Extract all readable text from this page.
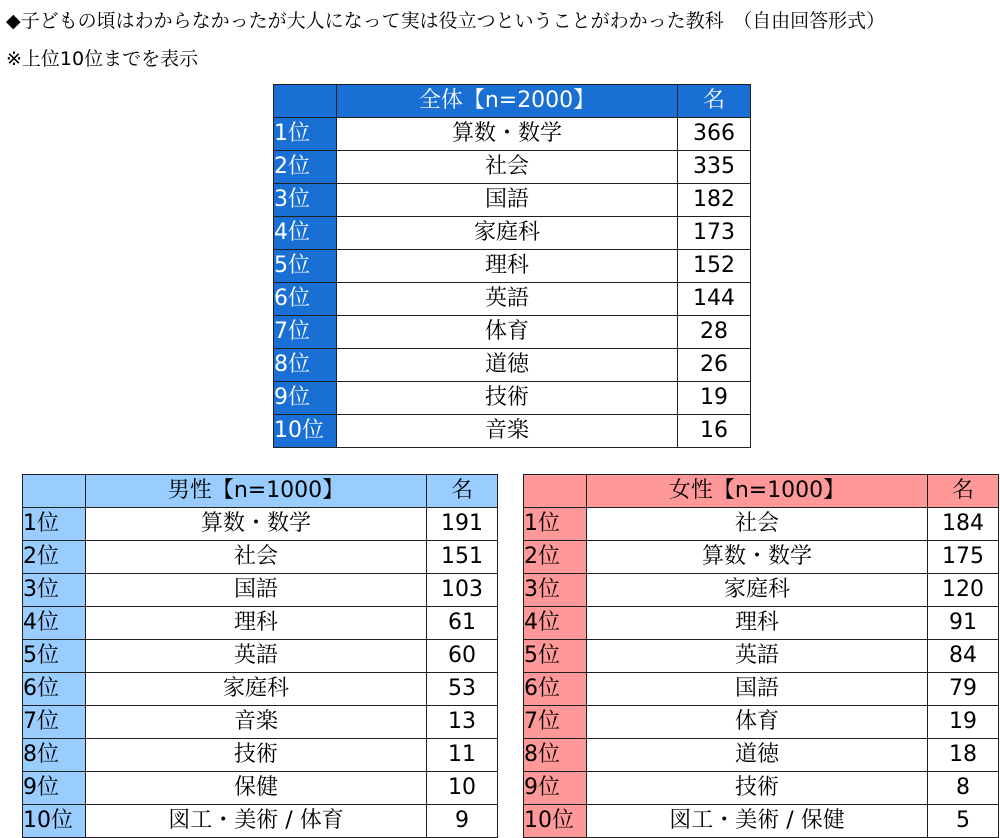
◆子どもの頃はわからなかったが大人になって実は役立つということがわかった教科　（自由回答形式）
※上位10位までを表示
	全体【n=2000】	名
1位	算数・数学	366
2位	社会	335
3位	国語	182
4位	家庭科	173
5位	理科	152
6位	英語	144
7位	体育	28
8位	道徳	26
9位	技術	19
10位	音楽	16
	男性【n=1000】	名
1位	算数・数学	191
2位	社会	151
3位	国語	103
4位	理科	61
5位	英語	60
6位	家庭科	53
7位	音楽	13
8位	技術	11
9位	保健	10
10位	図工・美術 / 体育	9
	女性【n=1000】	名
1位	社会	184
2位	算数・数学	175
3位	家庭科	120
4位	理科	91
5位	英語	84
6位	国語	79
7位	体育	19
8位	道徳	18
9位	技術	8
10位	図工・美術 / 保健	5
